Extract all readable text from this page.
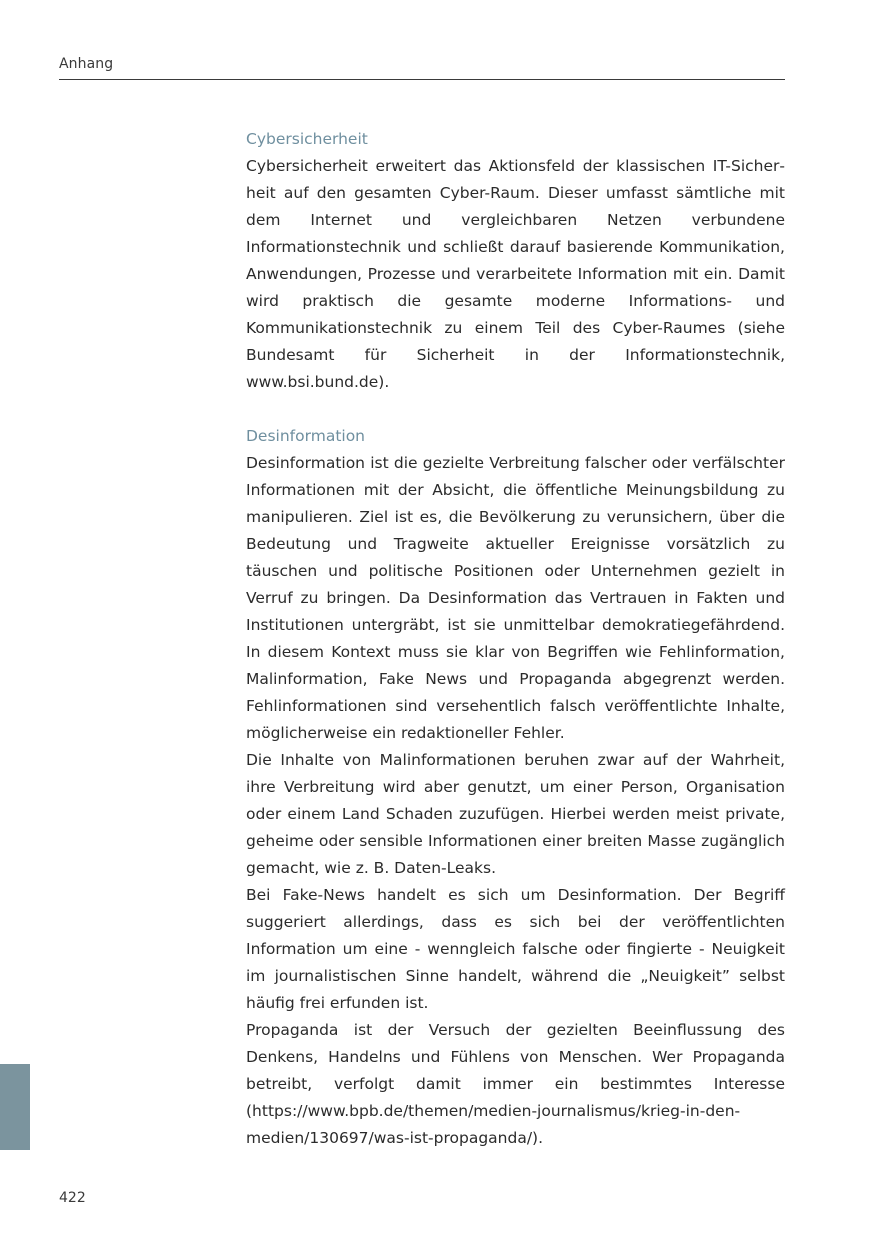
Anhang

Cybersicherheit

Cybersicherheit erweitert das Aktionsfeld der klassischen IT-Sicherheit auf den gesamten Cyber-Raum. Dieser umfasst sämtliche mit dem Internet und vergleichbaren Netzen verbundene Informationstechnik und schließt darauf basierende Kommunikation, Anwendungen, Prozesse und verarbeitete Information mit ein. Damit wird praktisch die gesamte moderne Informations- und Kommunikationstechnik zu einem Teil des Cyber-Raumes (siehe Bundesamt für Sicherheit in der Informationstechnik, www.bsi.bund.de).

Desinformation

Desinformation ist die gezielte Verbreitung falscher oder verfälschter Informationen mit der Absicht, die öffentliche Meinungsbildung zu manipulieren. Ziel ist es, die Bevölkerung zu verunsichern, über die Bedeutung und Tragweite aktueller Ereignisse vorsätzlich zu täuschen und politische Positionen oder Unternehmen gezielt in Verruf zu bringen. Da Desinformation das Vertrauen in Fakten und Institutionen untergräbt, ist sie unmittelbar demokratiegefährdend. In diesem Kontext muss sie klar von Begriffen wie Fehlinformation, Malinformation, Fake News und Propaganda abgegrenzt werden. Fehlinformationen sind versehentlich falsch veröffentlichte Inhalte, möglicherweise ein redaktioneller Fehler.

Die Inhalte von Malinformationen beruhen zwar auf der Wahrheit, ihre Verbreitung wird aber genutzt, um einer Person, Organisation oder einem Land Schaden zuzufügen. Hierbei werden meist private, geheime oder sensible Informationen einer breiten Masse zugänglich gemacht, wie z. B. Daten-Leaks.

Bei Fake-News handelt es sich um Desinformation. Der Begriff suggeriert allerdings, dass es sich bei der veröffentlichten Information um eine - wenngleich falsche oder fingierte - Neuigkeit im journalistischen Sinne handelt, während die „Neuigkeit” selbst häufig frei erfunden ist.

Propaganda ist der Versuch der gezielten Beeinflussung des Denkens, Handelns und Fühlens von Menschen. Wer Propaganda betreibt, verfolgt damit immer ein bestimmtes Interesse (https://www.bpb.​de/themen/medien-journalismus/krieg-in-den-medien/130697/​was-ist-propaganda/).

422
